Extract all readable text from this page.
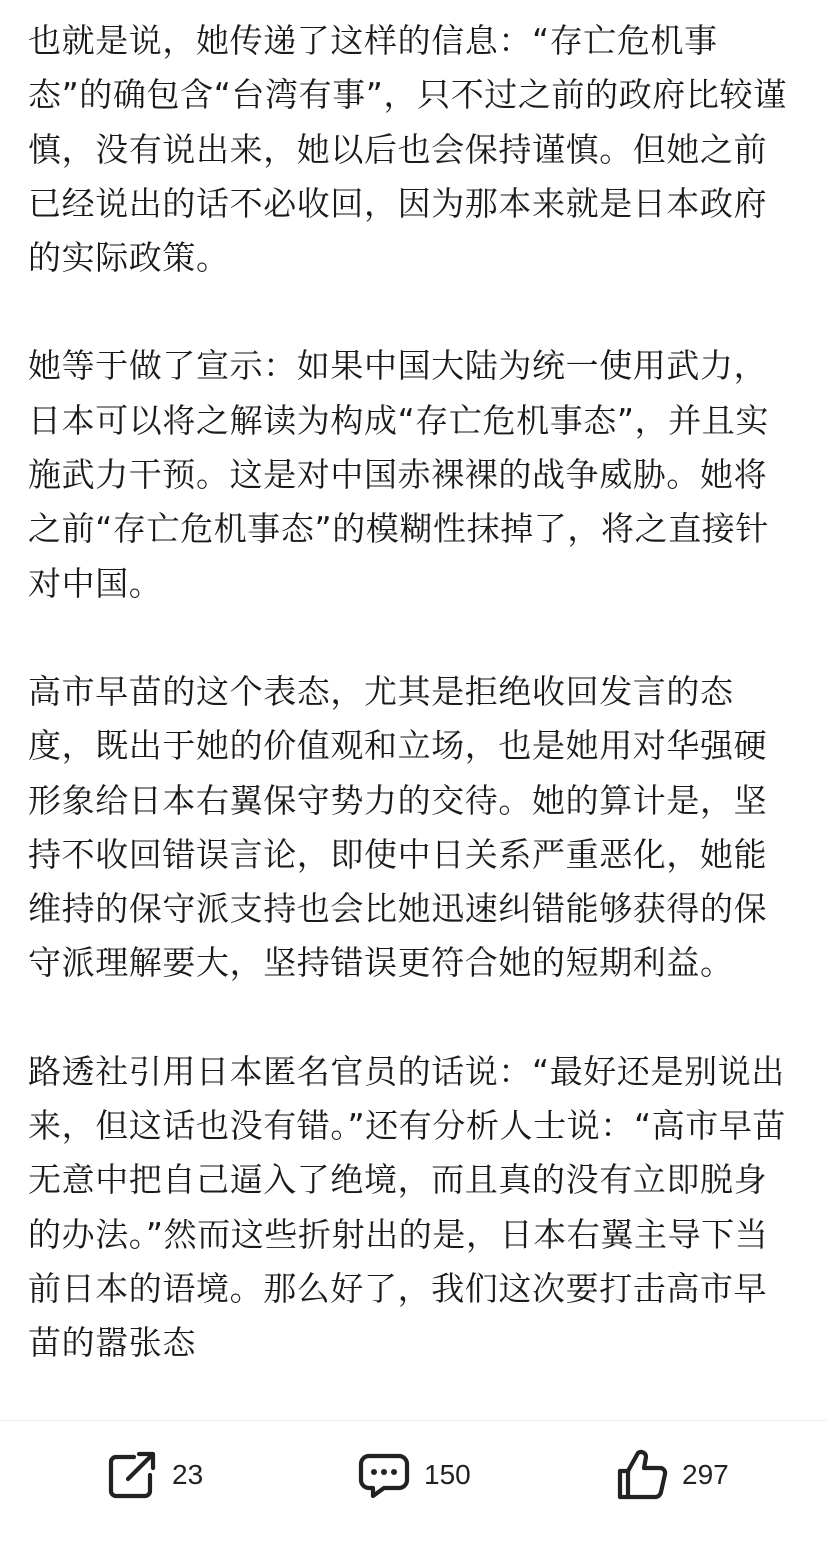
也就是说，她传递了这样的信息：“存亡危机事态”的确包含“台湾有事”，只不过之前的政府比较谨慎，没有说出来，她以后也会保持谨慎。但她之前已经说出的话不必收回，因为那本来就是日本政府的实际政策。

她等于做了宣示：如果中国大陆为统一使用武力，日本可以将之解读为构成“存亡危机事态”，并且实施武力干预。这是对中国赤裸裸的战争威胁。她将之前“存亡危机事态”的模糊性抹掉了，将之直接针对中国。

高市早苗的这个表态，尤其是拒绝收回发言的态度，既出于她的价值观和立场，也是她用对华强硬形象给日本右翼保守势力的交待。她的算计是，坚持不收回错误言论，即使中日关系严重恶化，她能维持的保守派支持也会比她迅速纠错能够获得的保守派理解要大，坚持错误更符合她的短期利益。

路透社引用日本匿名官员的话说：“最好还是别说出来，但这话也没有错。”还有分析人士说：“高市早苗无意中把自己逼入了绝境，而且真的没有立即脱身的办法。”然而这些折射出的是，日本右翼主导下当前日本的语境。那么好了，我们这次要打击高市早苗的嚣张态

23	150	297
